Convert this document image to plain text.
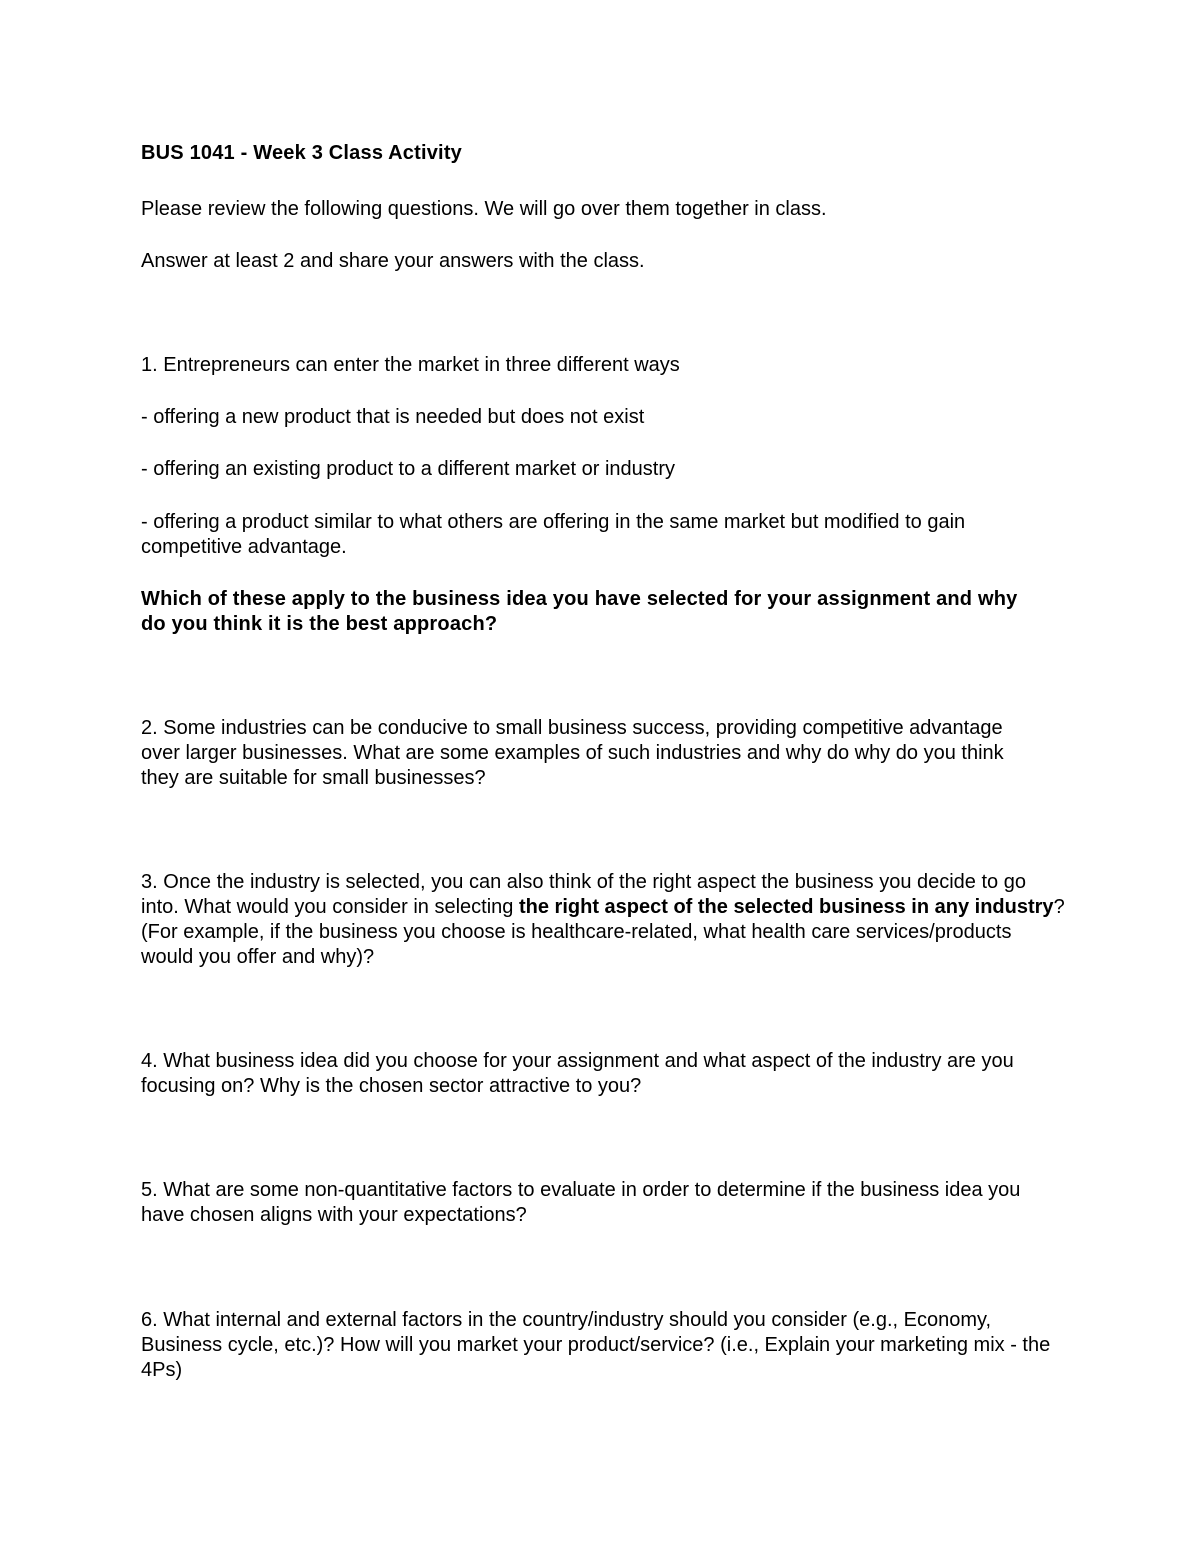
BUS 1041 - Week 3 Class Activity

Please review the following questions. We will go over them together in class.

Answer at least 2 and share your answers with the class.

1. Entrepreneurs can enter the market in three different ways

- offering a new product that is needed but does not exist

- offering an existing product to a different market or industry

- offering a product similar to what others are offering in the same market but modified to gain competitive advantage.

Which of these apply to the business idea you have selected for your assignment and why do you think it is the best approach?

2. Some industries can be conducive to small business success, providing competitive advantage over larger businesses. What are some examples of such industries and why do why do you think they are suitable for small businesses?

3. Once the industry is selected, you can also think of the right aspect the business you decide to go into. What would you consider in selecting the right aspect of the selected business in any industry? (For example, if the business you choose is healthcare-related, what health care services/products would you offer and why)?

4. What business idea did you choose for your assignment and what aspect of the industry are you focusing on? Why is the chosen sector attractive to you?

5. What are some non-quantitative factors to evaluate in order to determine if the business idea you have chosen aligns with your expectations?

6. What internal and external factors in the country/industry should you consider (e.g., Economy, Business cycle, etc.)? How will you market your product/service? (i.e., Explain your marketing mix - the 4Ps)
